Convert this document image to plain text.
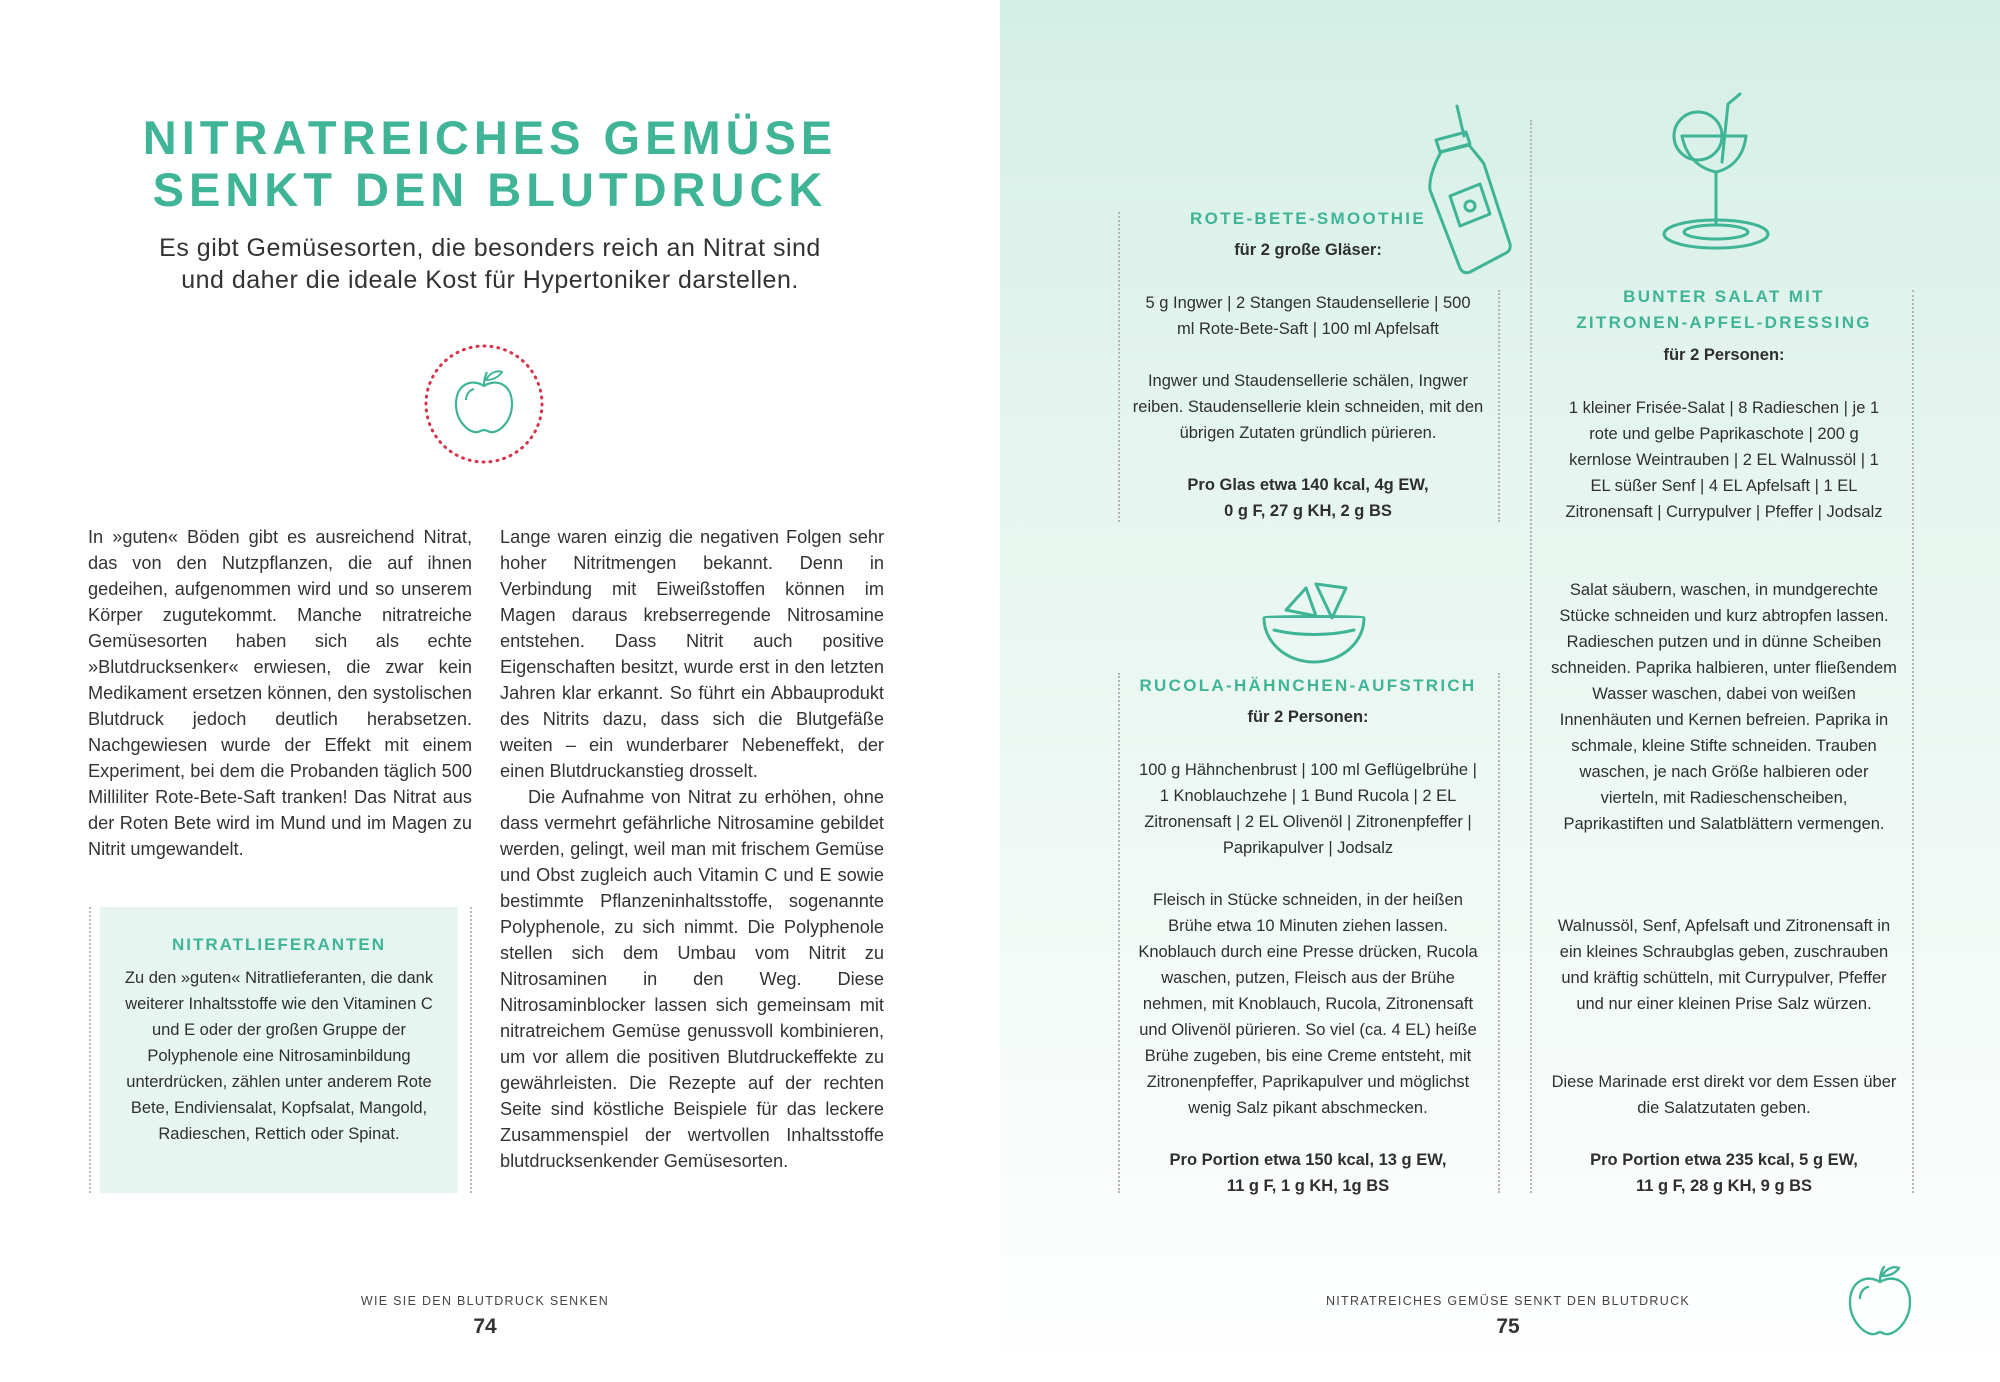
NITRATREICHES GEMÜSE
SENKT DEN BLUTDRUCK
Es gibt Gemüsesorten, die besonders reich an Nitrat sind
und daher die ideale Kost für Hypertoniker darstellen.

In »guten« Böden gibt es ausreichend Nitrat, das von den Nutzpflanzen, die auf ihnen gedeihen, aufgenommen wird und so unserem Körper zugutekommt. Manche nitratreiche Gemüsesorten haben sich als echte »Blutdrucksenker« erwiesen, die zwar kein Medikament ersetzen können, den systolischen Blutdruck jedoch deutlich herabsetzen. Nachgewiesen wurde der Effekt mit einem Experiment, bei dem die Probanden täglich 500 Milliliter Rote-Bete-Saft tranken! Das Nitrat aus der Roten Bete wird im Mund und im Magen zu Nitrit umgewandelt.

Lange waren einzig die negativen Folgen sehr hoher Nitritmengen bekannt. Denn in Verbindung mit Eiweißstoffen können im Magen daraus krebserregende Nitrosamine entstehen. Dass Nitrit auch positive Eigenschaften besitzt, wurde erst in den letzten Jahren klar erkannt. So führt ein Abbauprodukt des Nitrits dazu, dass sich die Blutgefäße weiten – ein wunderbarer Nebeneffekt, der einen Blutdruckanstieg drosselt.

Die Aufnahme von Nitrat zu erhöhen, ohne dass vermehrt gefährliche Nitrosamine gebildet werden, gelingt, weil man mit frischem Gemüse und Obst zugleich auch Vitamin C und E sowie bestimmte Pflanzeninhaltsstoffe, sogenannte Polyphenole, zu sich nimmt. Die Polyphenole stellen sich dem Umbau vom Nitrit zu Nitrosaminen in den Weg. Diese Nitrosaminblocker lassen sich gemeinsam mit nitratreichem Gemüse genussvoll kombinieren, um vor allem die positiven Blutdruckeffekte zu gewährleisten. Die Rezepte auf der rechten Seite sind köstliche Beispiele für das leckere Zusammenspiel der wertvollen Inhaltsstoffe blutdrucksenkender Gemüsesorten.

NITRATLIEFERANTEN
Zu den »guten« Nitratlieferanten, die dank weiterer Inhaltsstoffe wie den Vitaminen C und E oder der großen Gruppe der Polyphenole eine Nitrosaminbildung unterdrücken, zählen unter anderem Rote Bete, Endiviensalat, Kopfsalat, Mangold, Radieschen, Rettich oder Spinat.
WIE SIE DEN BLUTDRUCK SENKEN
74
ROTE-BETE-SMOOTHIE
für 2 große Gläser:
5 g Ingwer | 2 Stangen Staudensellerie | 500 ml Rote-Bete-Saft | 100 ml Apfelsaft
Ingwer und Staudensellerie schälen, Ingwer reiben. Staudensellerie klein schneiden, mit den übrigen Zutaten gründlich pürieren.
Pro Glas etwa 140 kcal, 4g EW,
0 g F, 27 g KH, 2 g BS
RUCOLA-HÄHNCHEN-AUFSTRICH
für 2 Personen:
100 g Hähnchenbrust | 100 ml Geflügelbrühe | 1 Knoblauchzehe | 1 Bund Rucola | 2 EL Zitronensaft | 2 EL Olivenöl | Zitronenpfeffer | Paprikapulver | Jodsalz
Fleisch in Stücke schneiden, in der heißen Brühe etwa 10 Minuten ziehen lassen. Knoblauch durch eine Presse drücken, Rucola waschen, putzen, Fleisch aus der Brühe nehmen, mit Knoblauch, Rucola, Zitronensaft und Olivenöl pürieren. So viel (ca. 4 EL) heiße Brühe zugeben, bis eine Creme entsteht, mit Zitronenpfeffer, Paprikapulver und möglichst wenig Salz pikant abschmecken.
Pro Portion etwa 150 kcal, 13 g EW,
11 g F, 1 g KH, 1g BS
BUNTER SALAT MIT
ZITRONEN-APFEL-DRESSING
für 2 Personen:
1 kleiner Frisée-Salat | 8 Radieschen | je 1 rote und gelbe Paprikaschote | 200 g kernlose Weintrauben | 2 EL Walnussöl | 1 EL süßer Senf | 4 EL Apfelsaft | 1 EL Zitronensaft | Currypulver | Pfeffer | Jodsalz
Salat säubern, waschen, in mundgerechte Stücke schneiden und kurz abtropfen lassen. Radieschen putzen und in dünne Scheiben schneiden. Paprika halbieren, unter fließendem Wasser waschen, dabei von weißen Innenhäuten und Kernen befreien. Paprika in schmale, kleine Stifte schneiden. Trauben waschen, je nach Größe halbieren oder vierteln, mit Radieschenscheiben, Paprikastiften und Salatblättern vermengen.
Walnussöl, Senf, Apfelsaft und Zitronensaft in ein kleines Schraubglas geben, zuschrauben und kräftig schütteln, mit Currypulver, Pfeffer und nur einer kleinen Prise Salz würzen.
Diese Marinade erst direkt vor dem Essen über die Salatzutaten geben.
Pro Portion etwa 235 kcal, 5 g EW,
11 g F, 28 g KH, 9 g BS
NITRATREICHES GEMÜSE SENKT DEN BLUTDRUCK
75
